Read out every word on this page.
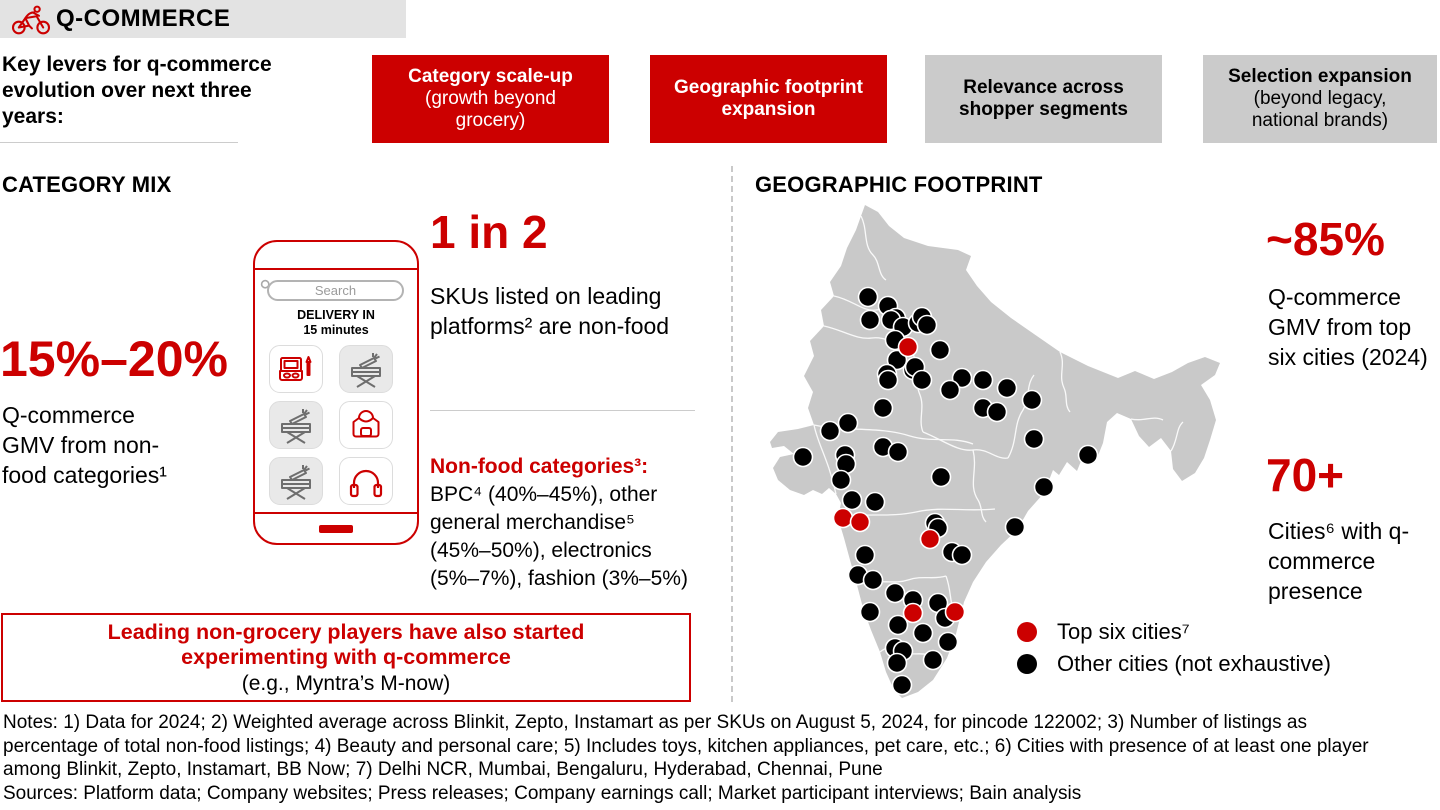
Q-COMMERCE
Key levers for q-commerce evolution over next three years:
Category scale-up
(growth beyond grocery)
Geographic footprint expansion
Relevance across shopper segments
Selection expansion
(beyond legacy, national brands)
CATEGORY MIX	GEOGRAPHIC FOOTPRINT
15%–20%
Q-commerce GMV from non-food categories¹
Search
DELIVERY IN
15 minutes
1 in 2
SKUs listed on leading platforms² are non-food
Non-food categories³:
BPC⁴ (40%–45%), other general merchandise⁵ (45%–50%), electronics (5%–7%), fashion (3%–5%)
Leading non-grocery players have also started experimenting with q-commerce
(e.g., Myntra’s M-now)
~85%
Q-commerce GMV from top six cities (2024)
70+
Cities⁶ with q-commerce presence
Top six cities⁷
Other cities (not exhaustive)
Notes: 1) Data for 2024; 2) Weighted average across Blinkit, Zepto, Instamart as per SKUs on August 5, 2024, for pincode 122002; 3) Number of listings as
percentage of total non-food listings; 4) Beauty and personal care; 5) Includes toys, kitchen appliances, pet care, etc.; 6) Cities with presence of at least one player
among Blinkit, Zepto, Instamart, BB Now; 7) Delhi NCR, Mumbai, Bengaluru, Hyderabad, Chennai, Pune
Sources: Platform data; Company websites; Press releases; Company earnings call; Market participant interviews; Bain analysis
